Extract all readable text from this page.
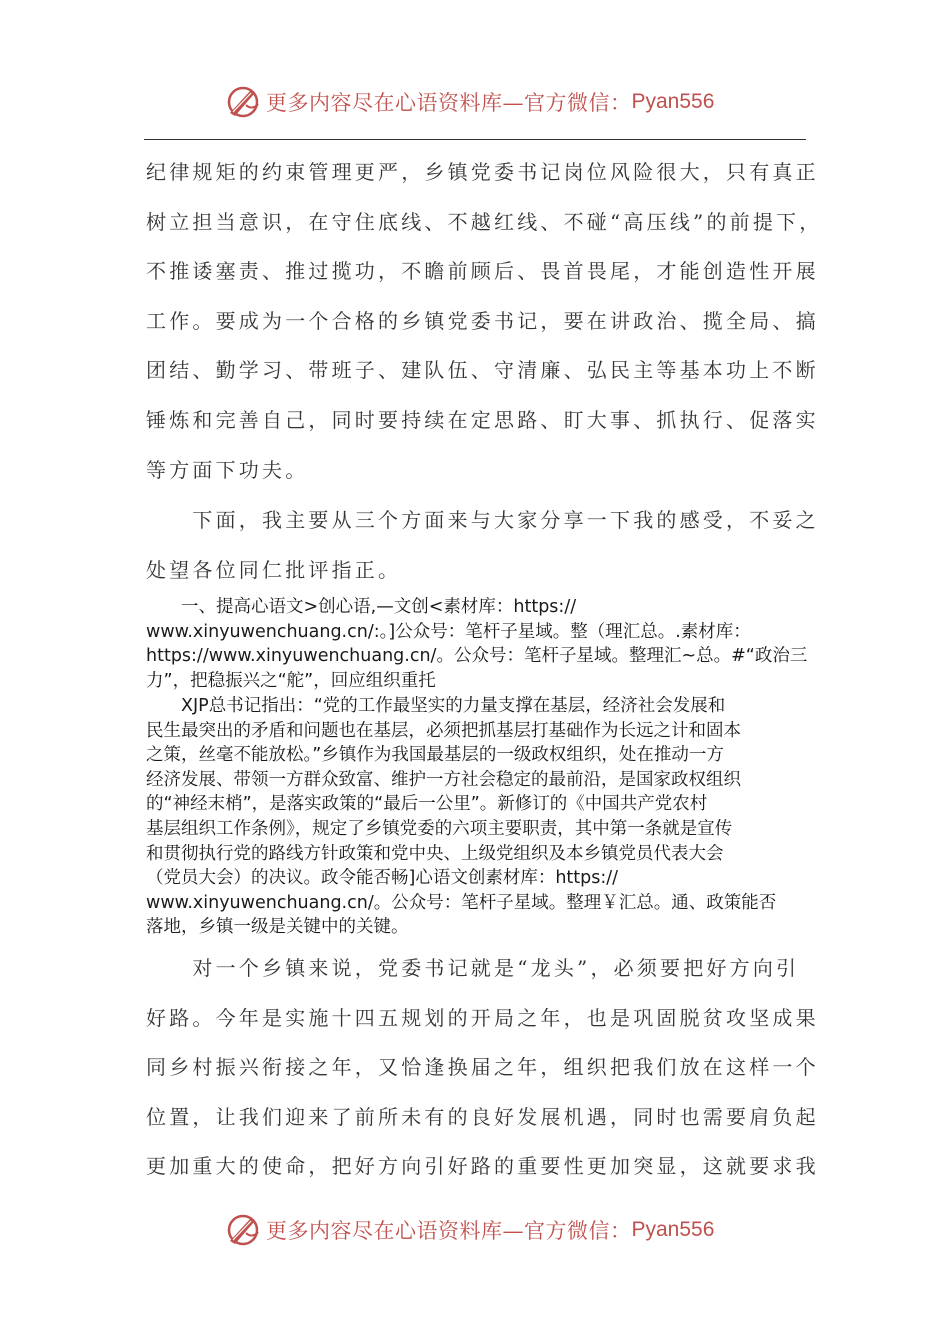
更多内容尽在心语资料库—官方微信： Pyan556
纪律规矩的约束管理更严，乡镇党委书记岗位风险很大，只有真正
树立担当意识，在守住底线、不越红线、不碰“高压线”的前提下，
不推诿塞责、推过揽功，不瞻前顾后、畏首畏尾，才能创造性开展
工作。要成为一个合格的乡镇党委书记，要在讲政治、揽全局、搞
团结、勤学习、带班子、建队伍、守清廉、弘民主等基本功上不断
锤炼和完善自己，同时要持续在定思路、盯大事、抓执行、促落实
等方面下功夫。
　　下面，我主要从三个方面来与大家分享一下我的感受，不妥之
处望各位同仁批评指正。
　　一、提高心语文>创心语,—文创<素材库：https://
www.xinyuwenchuang.cn/:。]公众号：笔杆子星域。整（理汇总。.素材库：
https://www.xinyuwenchuang.cn/。公众号：笔杆子星域。整理汇~总。#“政治三
力”，把稳振兴之“舵”，回应组织重托
　　XJP总书记指出：“党的工作最坚实的力量支撑在基层，经济社会发展和
民生最突出的矛盾和问题也在基层，必须把抓基层打基础作为长远之计和固本
之策，丝毫不能放松。”乡镇作为我国最基层的一级政权组织，处在推动一方
经济发展、带领一方群众致富、维护一方社会稳定的最前沿，是国家政权组织
的“神经末梢”，是落实政策的“最后一公里”。新修订的《中国共产党农村
基层组织工作条例》，规定了乡镇党委的六项主要职责，其中第一条就是宣传
和贯彻执行党的路线方针政策和党中央、上级党组织及本乡镇党员代表大会
（党员大会）的决议。政令能否畅]心语文创素材库：https://
www.xinyuwenchuang.cn/。公众号：笔杆子星域。整理￥汇总。通、政策能否
落地，乡镇一级是关键中的关键。
　　对一个乡镇来说，党委书记就是“龙头”，必须要把好方向引
好路。今年是实施十四五规划的开局之年，也是巩固脱贫攻坚成果
同乡村振兴衔接之年，又恰逢换届之年，组织把我们放在这样一个
位置，让我们迎来了前所未有的良好发展机遇，同时也需要肩负起
更加重大的使命，把好方向引好路的重要性更加突显，这就要求我
更多内容尽在心语资料库—官方微信： Pyan556
